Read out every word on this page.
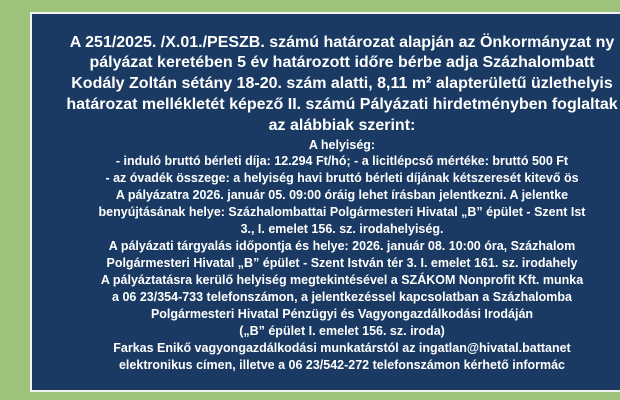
A 251/2025. /X.01./PESZB. számú határozat alapján az Önkormányzat ny
pályázat keretében 5 év határozott időre bérbe adja Százhalombatt
Kodály Zoltán sétány 18-20. szám alatti, 8,11 m² alapterületű üzlethelyis
határozat mellékletét képező II. számú Pályázati hirdetményben foglaltak
az alábbiak szerint:
A helyiség:
- induló bruttó bérleti díja: 12.294 Ft/hó; - a licitlépcső mértéke: bruttó 500 Ft
- az óvadék összege: a helyiség havi bruttó bérleti díjának kétszeresét kitevő ös
A pályázatra 2026. január 05. 09:00 óráig lehet írásban jelentkezni. A jelentke
benyújtásának helye: Százhalombattai Polgármesteri Hivatal „B” épület - Szent Ist
3., I. emelet 156. sz. irodahelyiség.
A pályázati tárgyalás időpontja és helye: 2026. január 08. 10:00 óra, Százhalom
Polgármesteri Hivatal „B” épület - Szent István tér 3. I. emelet 161. sz. irodahely
A pályáztatásra kerülő helyiség megtekintésével a SZÁKOM Nonprofit Kft. munka
a 06 23/354-733 telefonszámon, a jelentkezéssel kapcsolatban a Százhalomba
Polgármesteri Hivatal Pénzügyi és Vagyongazdálkodási Irodáján
(„B” épület I. emelet 156. sz. iroda)
Farkas Enikő vagyongazdálkodási munkatárstól az ingatlan@hivatal.battanet
elektronikus címen, illetve a 06 23/542-272 telefonszámon kérhető informác
